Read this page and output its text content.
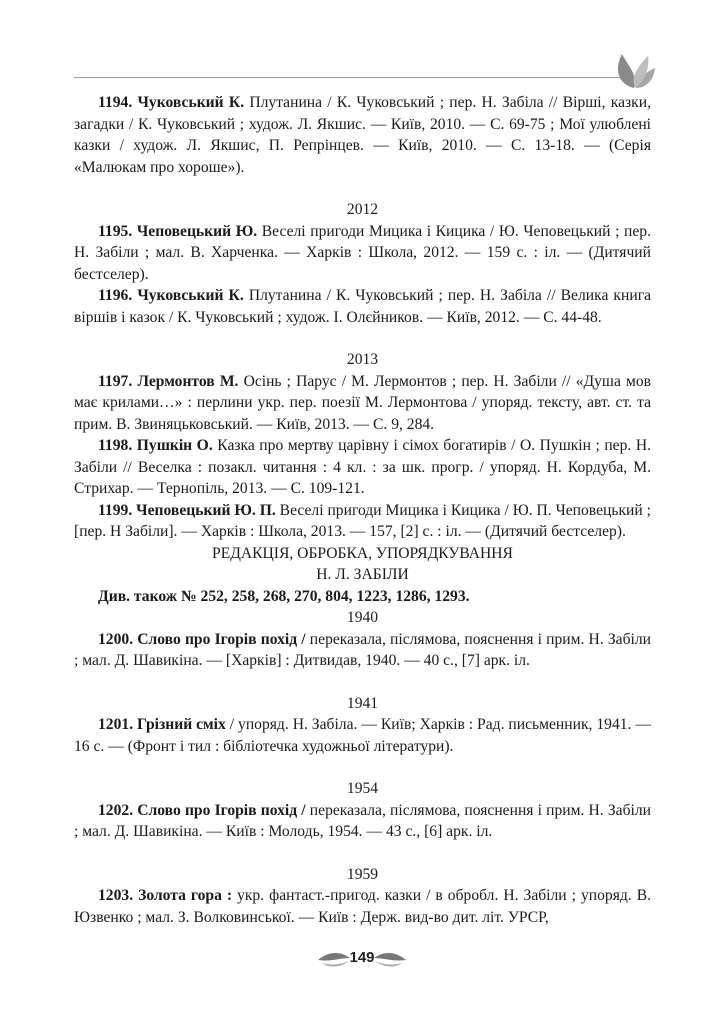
1194. Чуковський К. Плутанина / К. Чуковський ; пер. Н. Забіла // Вірші, казки, загадки / К. Чуковський ; худож. Л. Якшис. — Київ, 2010. — С. 69-75 ; Мої улюблені казки / худож. Л. Якшис, П. Репрінцев. — Київ, 2010. — С. 13-18. — (Серія «Малюкам про хороше»).

2012

1195. Чеповецький Ю. Веселі пригоди Мицика і Кицика / Ю. Чеповецький ; пер. Н. Забіли ; мал. В. Харченка. — Харків : Школа, 2012. — 159 с. : іл. — (Дитячий бестселер).

1196. Чуковський К. Плутанина / К. Чуковський ; пер. Н. Забіла // Велика книга віршів і казок / К. Чуковський ; худож. І. Олєйников. — Київ, 2012. — С. 44-48.

2013

1197. Лермонтов М. Осінь ; Парус / М. Лермонтов ; пер. Н. Забіли // «Душа мов має крилами…» : перлини укр. пер. поезії М. Лермонтова / упоряд. тексту, авт. ст. та прим. В. Звиняцьковський. — Київ, 2013. — С. 9, 284.

1198. Пушкін О. Казка про мертву царівну і сімох богатирів / О. Пушкін ; пер. Н. Забіли // Веселка : позакл. читання : 4 кл. : за шк. прогр. / упоряд. Н. Кордуба, М. Стрихар. — Тернопіль, 2013. — С. 109-121.

1199. Чеповецький Ю. П. Веселі пригоди Мицика і Кицика / Ю. П. Чеповецький ; [пер. Н Забіли]. — Харків : Школа, 2013. — 157, [2] с. : іл. — (Дитячий бестселер).

РЕДАКЦІЯ, ОБРОБКА, УПОРЯДКУВАННЯ

Н. Л. ЗАБІЛИ

Див. також № 252, 258, 268, 270, 804, 1223, 1286, 1293.

1940

1200. Слово про Ігорів похід / переказала, післямова, пояснення і прим. Н. Забіли ; мал. Д. Шавикіна. — [Харків] : Дитвидав, 1940. — 40 с., [7] арк. іл.

1941

1201. Грізний сміх / упоряд. Н. Забіла. — Київ; Харків : Рад. письменник, 1941. — 16 с. — (Фронт і тил : бібліотечка художньої літератури).

1954

1202. Слово про Ігорів похід / переказала, післямова, пояснення і прим. Н. Забіли ; мал. Д. Шавикіна. — Київ : Молодь, 1954. — 43 с., [6] арк. іл.

1959

1203. Золота гора : укр. фантаст.-пригод. казки / в обробл. Н. Забіли ; упоряд. В. Юзвенко ; мал. З. Волковинської. — Київ : Держ. вид-во дит. літ. УРСР,

149
